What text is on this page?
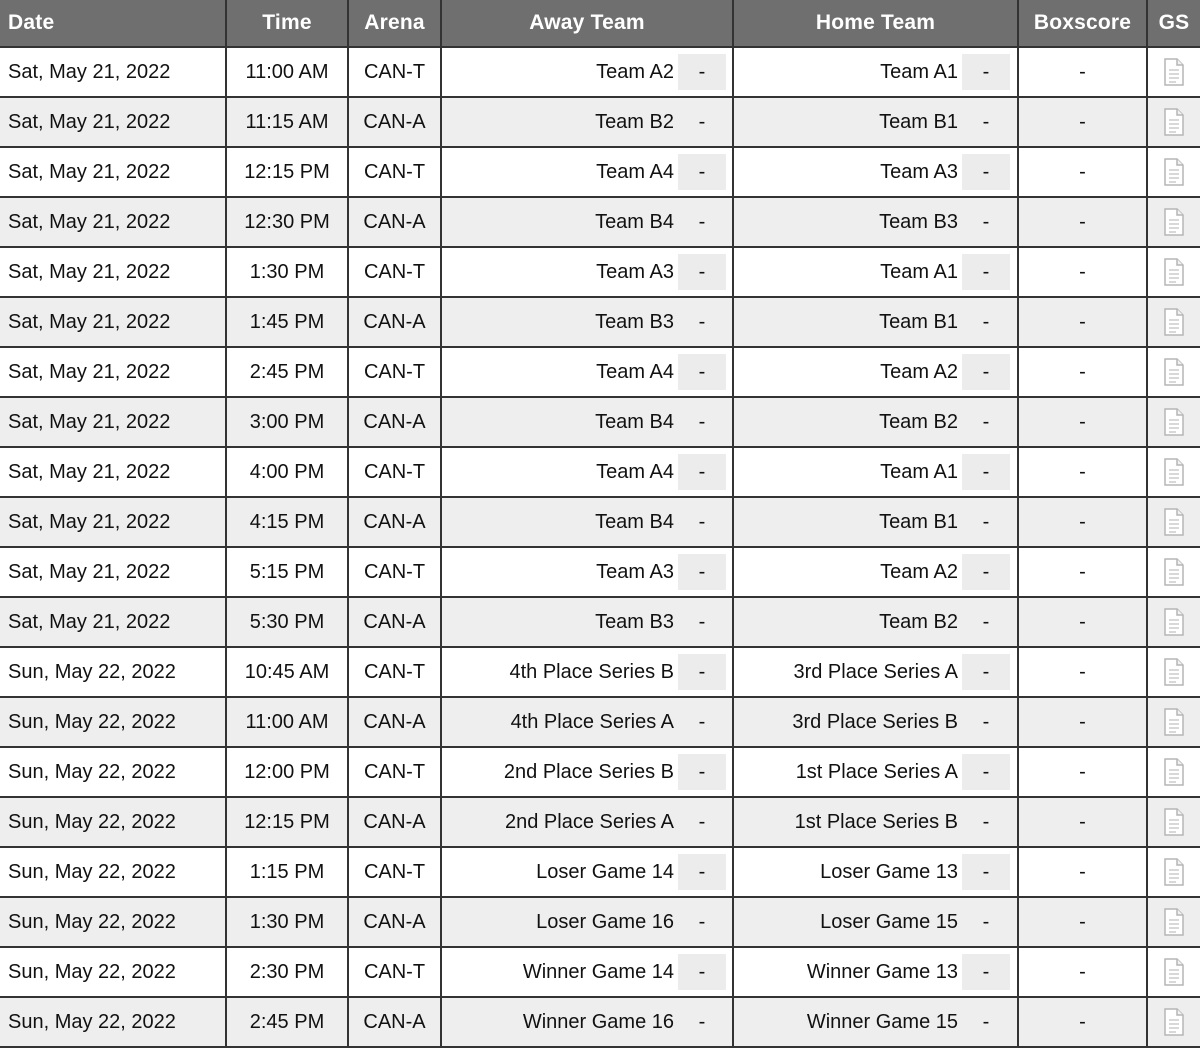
Date	Time	Arena	Away Team	Home Team	Boxscore	GS
Sat, May 21, 2022	11:00 AM	CAN-T	Team A2 -	Team A1 -	-	
Sat, May 21, 2022	11:15 AM	CAN-A	Team B2 -	Team B1 -	-	
Sat, May 21, 2022	12:15 PM	CAN-T	Team A4 -	Team A3 -	-	
Sat, May 21, 2022	12:30 PM	CAN-A	Team B4 -	Team B3 -	-	
Sat, May 21, 2022	1:30 PM	CAN-T	Team A3 -	Team A1 -	-	
Sat, May 21, 2022	1:45 PM	CAN-A	Team B3 -	Team B1 -	-	
Sat, May 21, 2022	2:45 PM	CAN-T	Team A4 -	Team A2 -	-	
Sat, May 21, 2022	3:00 PM	CAN-A	Team B4 -	Team B2 -	-	
Sat, May 21, 2022	4:00 PM	CAN-T	Team A4 -	Team A1 -	-	
Sat, May 21, 2022	4:15 PM	CAN-A	Team B4 -	Team B1 -	-	
Sat, May 21, 2022	5:15 PM	CAN-T	Team A3 -	Team A2 -	-	
Sat, May 21, 2022	5:30 PM	CAN-A	Team B3 -	Team B2 -	-	
Sun, May 22, 2022	10:45 AM	CAN-T	4th Place Series B -	3rd Place Series A -	-	
Sun, May 22, 2022	11:00 AM	CAN-A	4th Place Series A -	3rd Place Series B -	-	
Sun, May 22, 2022	12:00 PM	CAN-T	2nd Place Series B -	1st Place Series A -	-	
Sun, May 22, 2022	12:15 PM	CAN-A	2nd Place Series A -	1st Place Series B -	-	
Sun, May 22, 2022	1:15 PM	CAN-T	Loser Game 14 -	Loser Game 13 -	-	
Sun, May 22, 2022	1:30 PM	CAN-A	Loser Game 16 -	Loser Game 15 -	-	
Sun, May 22, 2022	2:30 PM	CAN-T	Winner Game 14 -	Winner Game 13 -	-	
Sun, May 22, 2022	2:45 PM	CAN-A	Winner Game 16 -	Winner Game 15 -	-	
